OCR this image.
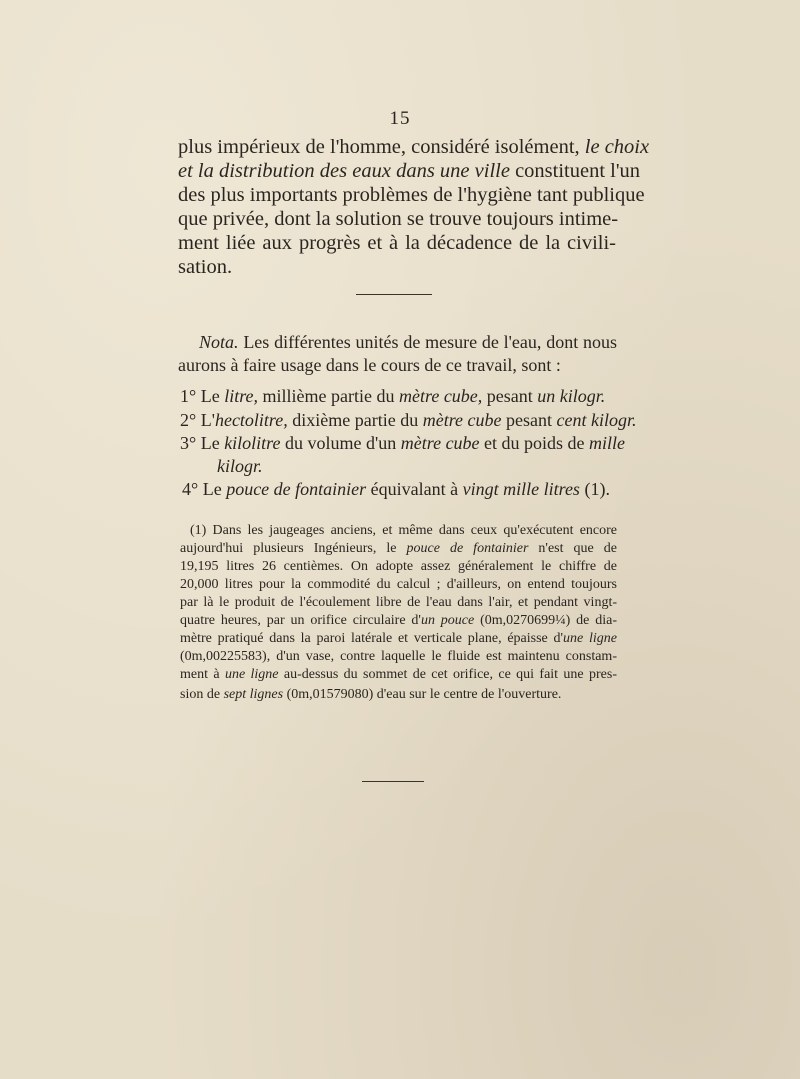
15
plus impérieux de l'homme, considéré isolément, le choix
et la distribution des eaux dans une ville constituent l'un
des plus importants problèmes de l'hygiène tant publique
que privée, dont la solution se trouve toujours intime-
ment liée aux progrès et à la décadence de la civili-
sation.
Nota. Les différentes unités de mesure de l'eau, dont nous
aurons à faire usage dans le cours de ce travail, sont :
1° Le litre, millième partie du mètre cube, pesant un kilogr.
2° L'hectolitre, dixième partie du mètre cube pesant cent kilogr.
3° Le kilolitre du volume d'un mètre cube et du poids de mille
kilogr.
4° Le pouce de fontainier équivalant à vingt mille litres (1).
(1) Dans les jaugeages anciens, et même dans ceux qu'exécutent encore
aujourd'hui plusieurs Ingénieurs, le pouce de fontainier n'est que de
19,195 litres 26 centièmes. On adopte assez généralement le chiffre de
20,000 litres pour la commodité du calcul ; d'ailleurs, on entend toujours
par là le produit de l'écoulement libre de l'eau dans l'air, et pendant vingt-
quatre heures, par un orifice circulaire d'un pouce (0m,0270699¼) de dia-
mètre pratiqué dans la paroi latérale et verticale plane, épaisse d'une ligne
(0m,00225583), d'un vase, contre laquelle le fluide est maintenu constam-
ment à une ligne au-dessus du sommet de cet orifice, ce qui fait une pres-
sion de sept lignes (0m,01579080) d'eau sur le centre de l'ouverture.
